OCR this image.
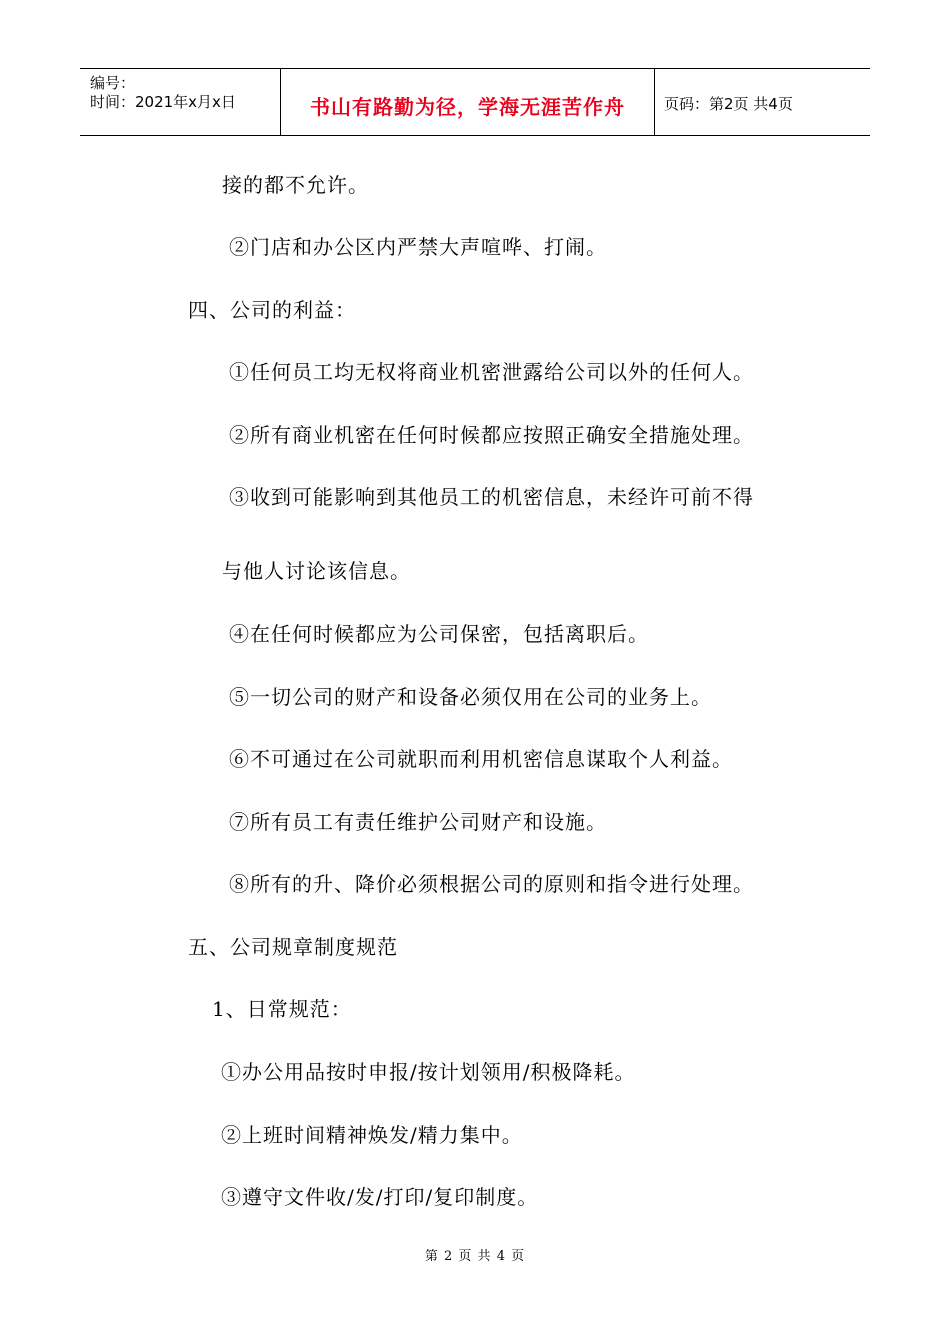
编号：
时间：2021年x月x日	书山有路勤为径，学海无涯苦作舟	页码：第2页 共4页
接的都不允许。
②门店和办公区内严禁大声喧哗、打闹。
四、公司的利益：
①任何员工均无权将商业机密泄露给公司以外的任何人。
②所有商业机密在任何时候都应按照正确安全措施处理。
③收到可能影响到其他员工的机密信息，未经许可前不得
与他人讨论该信息。
④在任何时候都应为公司保密，包括离职后。
⑤一切公司的财产和设备必须仅用在公司的业务上。
⑥不可通过在公司就职而利用机密信息谋取个人利益。
⑦所有员工有责任维护公司财产和设施。
⑧所有的升、降价必须根据公司的原则和指令进行处理。
五、公司规章制度规范
1、日常规范：
①办公用品按时申报/按计划领用/积极降耗。
②上班时间精神焕发/精力集中。
③遵守文件收/发/打印/复印制度。
第 2 页 共 4 页
